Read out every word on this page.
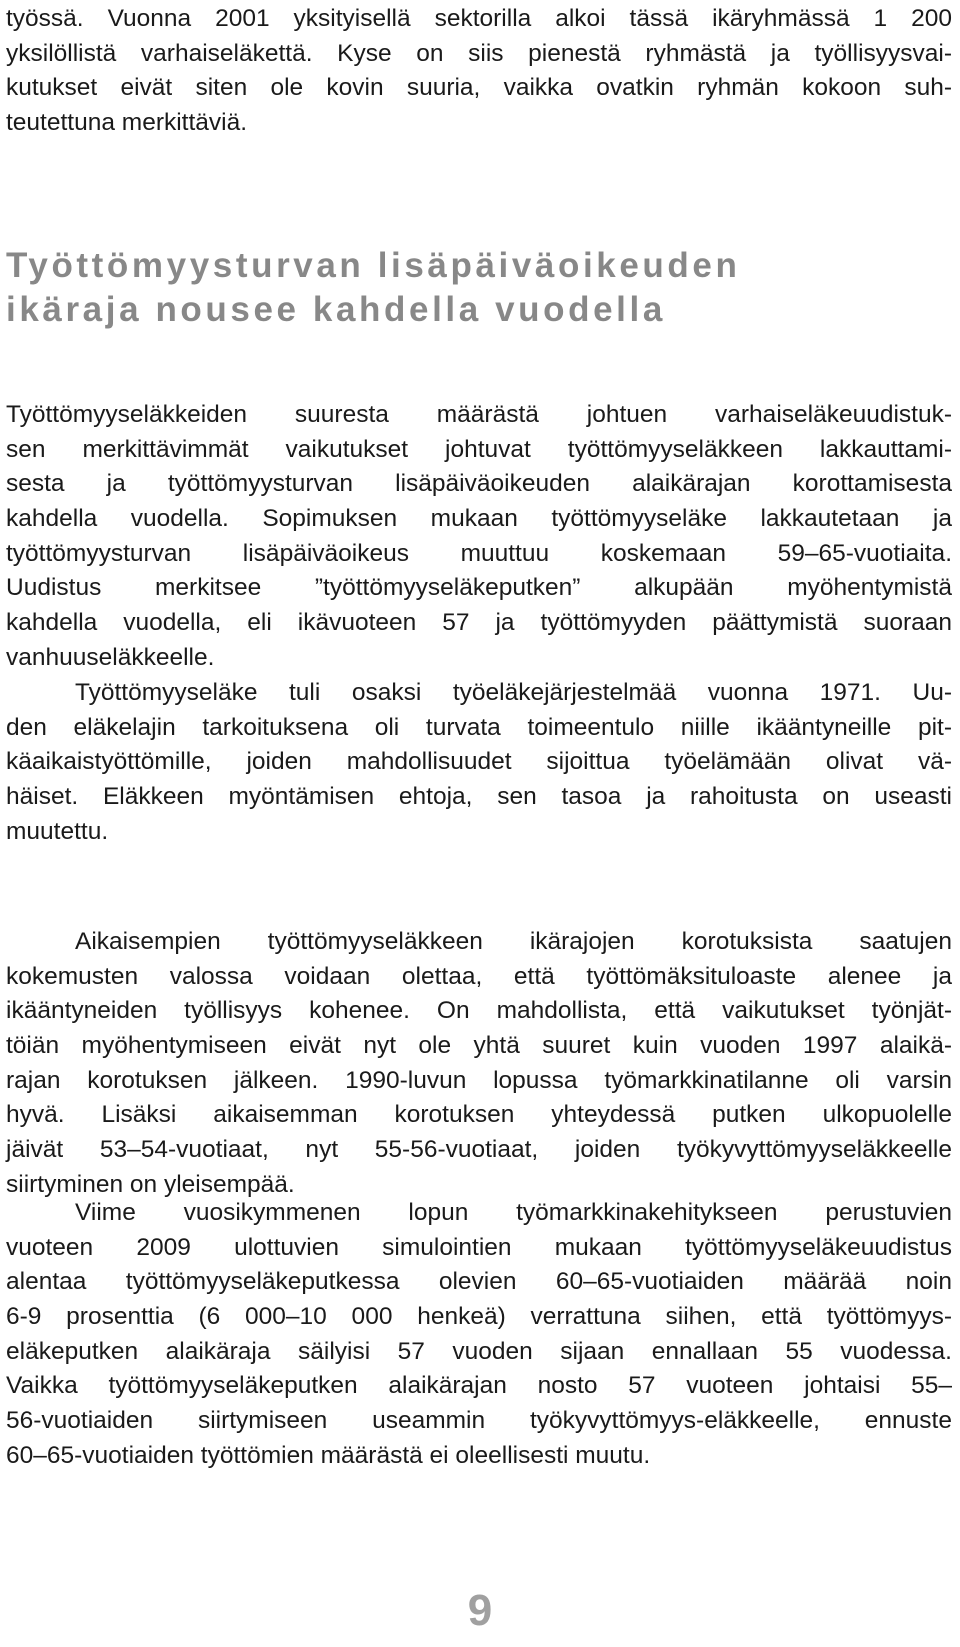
työssä. Vuonna 2001 yksityisellä sektorilla alkoi tässä ikäryhmässä 1 200
yksilöllistä varhaiseläkettä. Kyse on siis pienestä ryhmästä ja työllisyysvai-
kutukset eivät siten ole kovin suuria, vaikka ovatkin ryhmän kokoon suh-
teutettuna merkittäviä.
Työttömyysturvan lisäpäiväoikeuden
ikäraja nousee kahdella vuodella
Työttömyyseläkkeiden suuresta määrästä johtuen varhaiseläkeuudistuk-
sen merkittävimmät vaikutukset johtuvat työttömyyseläkkeen lakkauttami-
sesta ja työttömyysturvan lisäpäiväoikeuden alaikärajan korottamisesta
kahdella vuodella. Sopimuksen mukaan työttömyyseläke lakkautetaan ja
työttömyysturvan lisäpäiväoikeus muuttuu koskemaan 59–65-vuotiaita.
Uudistus merkitsee ”työttömyyseläkeputken” alkupään myöhentymistä
kahdella vuodella, eli ikävuoteen 57 ja työttömyyden päättymistä suoraan
vanhuuseläkkeelle.
Työttömyyseläke tuli osaksi työeläkejärjestelmää vuonna 1971. Uu-
den eläkelajin tarkoituksena oli turvata toimeentulo niille ikääntyneille pit-
käaikaistyöttömille, joiden mahdollisuudet sijoittua työelämään olivat vä-
häiset. Eläkkeen myöntämisen ehtoja, sen tasoa ja rahoitusta on useasti
muutettu.
Aikaisempien työttömyyseläkkeen ikärajojen korotuksista saatujen
kokemusten valossa voidaan olettaa, että työttömäksituloaste alenee ja
ikääntyneiden työllisyys kohenee. On mahdollista, että vaikutukset työnjät-
töiän myöhentymiseen eivät nyt ole yhtä suuret kuin vuoden 1997 alaikä-
rajan korotuksen jälkeen. 1990-luvun lopussa työmarkkinatilanne oli varsin
hyvä. Lisäksi aikaisemman korotuksen yhteydessä putken ulkopuolelle
jäivät 53–54-vuotiaat, nyt 55-56-vuotiaat, joiden työkyvyttömyyseläkkeelle
siirtyminen on yleisempää.
Viime vuosikymmenen lopun työmarkkinakehitykseen perustuvien
vuoteen 2009 ulottuvien simulointien mukaan työttömyyseläkeuudistus
alentaa työttömyyseläkeputkessa olevien 60–65-vuotiaiden määrää noin
6-9 prosenttia (6 000–10 000 henkeä) verrattuna siihen, että työttömyys-
eläkeputken alaikäraja säilyisi 57 vuoden sijaan ennallaan 55 vuodessa.
Vaikka työttömyyseläkeputken alaikärajan nosto 57 vuoteen johtaisi 55–
56-vuotiaiden siirtymiseen useammin työkyvyttömyys-eläkkeelle, ennuste
60–65-vuotiaiden työttömien määrästä ei oleellisesti muutu.
9
